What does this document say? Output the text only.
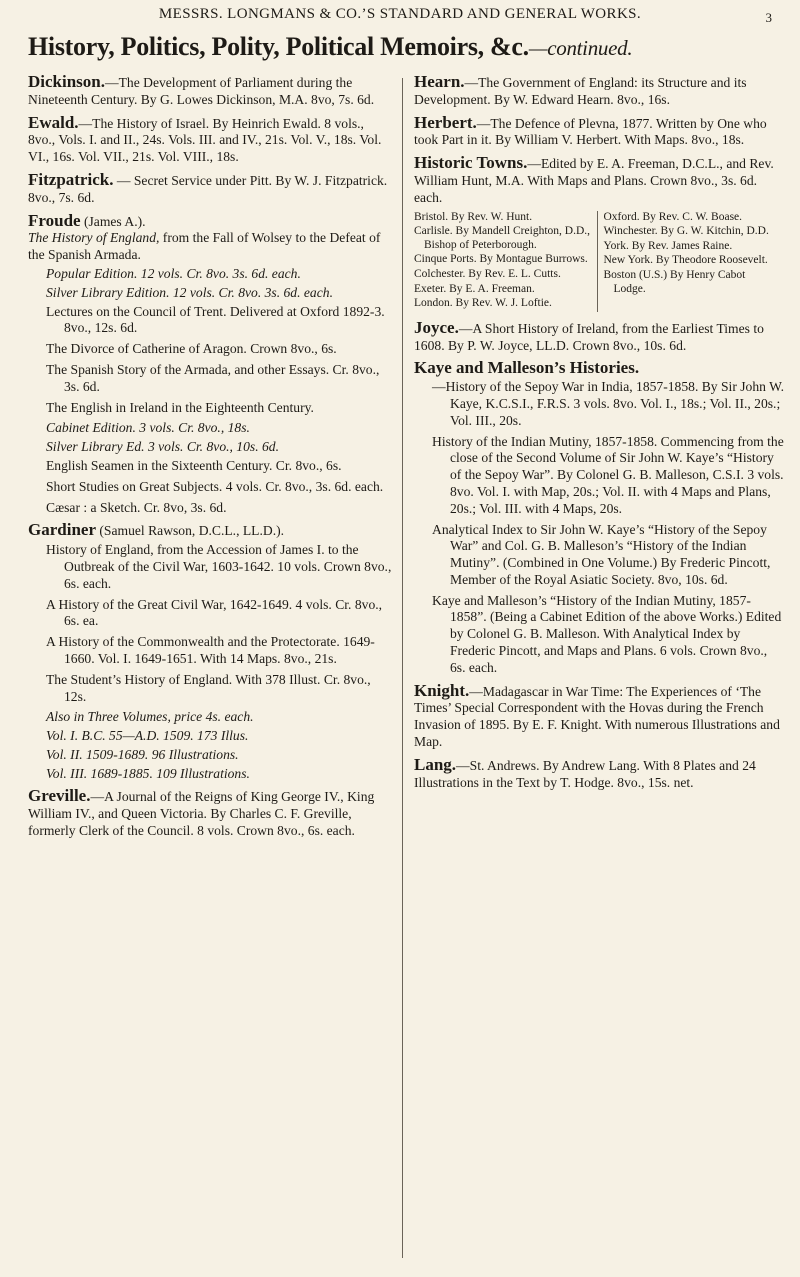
MESSRS. LONGMANS & CO.’S STANDARD AND GENERAL WORKS.	3
History, Politics, Polity, Political Memoirs, &c.—continued.
Dickinson.—The Development of Parliament during the Nineteenth Century. By G. Lowes Dickinson, M.A. 8vo, 7s. 6d.
Ewald.—The History of Israel. By Heinrich Ewald. 8 vols., 8vo., Vols. I. and II., 24s. Vols. III. and IV., 21s. Vol. V., 18s. Vol. VI., 16s. Vol. VII., 21s. Vol. VIII., 18s.
Fitzpatrick. — Secret Service under Pitt. By W. J. Fitzpatrick. 8vo., 7s. 6d.
Froude (James A.).
The History of England, from the Fall of Wolsey to the Defeat of the Spanish Armada.
Popular Edition. 12 vols. Cr. 8vo. 3s. 6d. each.
Silver Library Edition. 12 vols. Cr. 8vo. 3s. 6d. each.
Lectures on the Council of Trent. Delivered at Oxford 1892-3. 8vo., 12s. 6d.
The Divorce of Catherine of Aragon. Crown 8vo., 6s.
The Spanish Story of the Armada, and other Essays. Cr. 8vo., 3s. 6d.
The English in Ireland in the Eighteenth Century.
Cabinet Edition. 3 vols. Cr. 8vo., 18s.
Silver Library Ed. 3 vols. Cr. 8vo., 10s. 6d.
English Seamen in the Sixteenth Century. Cr. 8vo., 6s.
Short Studies on Great Subjects. 4 vols. Cr. 8vo., 3s. 6d. each.
Cæsar : a Sketch. Cr. 8vo, 3s. 6d.
Gardiner (Samuel Rawson, D.C.L., LL.D.).
History of England, from the Accession of James I. to the Outbreak of the Civil War, 1603-1642. 10 vols. Crown 8vo., 6s. each.
A History of the Great Civil War, 1642-1649. 4 vols. Cr. 8vo., 6s. ea.
A History of the Commonwealth and the Protectorate. 1649-1660. Vol. I. 1649-1651. With 14 Maps. 8vo., 21s.
The Student’s History of England. With 378 Illust. Cr. 8vo., 12s.
Also in Three Volumes, price 4s. each.
Vol. I. B.C. 55—A.D. 1509. 173 Illus.
Vol. II. 1509-1689. 96 Illustrations.
Vol. III. 1689-1885. 109 Illustrations.
Greville.—A Journal of the Reigns of King George IV., King William IV., and Queen Victoria. By Charles C. F. Greville, formerly Clerk of the Council. 8 vols. Crown 8vo., 6s. each.
Hearn.—The Government of England: its Structure and its Development. By W. Edward Hearn. 8vo., 16s.
Herbert.—The Defence of Plevna, 1877. Written by One who took Part in it. By William V. Herbert. With Maps. 8vo., 18s.
Historic Towns.—Edited by E. A. Freeman, D.C.L., and Rev. William Hunt, M.A. With Maps and Plans. Crown 8vo., 3s. 6d. each.
Bristol. By Rev. W. Hunt.
Carlisle. By Mandell Creighton, D.D., Bishop of Peterborough.
Cinque Ports. By Montague Burrows.
Colchester. By Rev. E. L. Cutts.
Exeter. By E. A. Freeman.
London. By Rev. W. J. Loftie.
Oxford. By Rev. C. W. Boase.
Winchester. By G. W. Kitchin, D.D.
York. By Rev. James Raine.
New York. By Theodore Roosevelt.
Boston (U.S.) By Henry Cabot Lodge.
Joyce.—A Short History of Ireland, from the Earliest Times to 1608. By P. W. Joyce, LL.D. Crown 8vo., 10s. 6d.
Kaye and Malleson’s Histories.
—History of the Sepoy War in India, 1857-1858. By Sir John W. Kaye, K.C.S.I., F.R.S. 3 vols. 8vo. Vol. I., 18s.; Vol. II., 20s.; Vol. III., 20s.
History of the Indian Mutiny, 1857-1858. Commencing from the close of the Second Volume of Sir John W. Kaye’s “History of the Sepoy War”. By Colonel G. B. Malleson, C.S.I. 3 vols. 8vo. Vol. I. with Map, 20s.; Vol. II. with 4 Maps and Plans, 20s.; Vol. III. with 4 Maps, 20s.
Analytical Index to Sir John W. Kaye’s “History of the Sepoy War” and Col. G. B. Malleson’s “History of the Indian Mutiny”. (Combined in One Volume.) By Frederic Pincott, Member of the Royal Asiatic Society. 8vo, 10s. 6d.
Kaye and Malleson’s “History of the Indian Mutiny, 1857-1858”. (Being a Cabinet Edition of the above Works.) Edited by Colonel G. B. Malleson. With Analytical Index by Frederic Pincott, and Maps and Plans. 6 vols. Crown 8vo., 6s. each.
Knight.—Madagascar in War Time: The Experiences of ‘The Times’ Special Correspondent with the Hovas during the French Invasion of 1895. By E. F. Knight. With numerous Illustrations and Map.
Lang.—St. Andrews. By Andrew Lang. With 8 Plates and 24 Illustrations in the Text by T. Hodge. 8vo., 15s. net.
